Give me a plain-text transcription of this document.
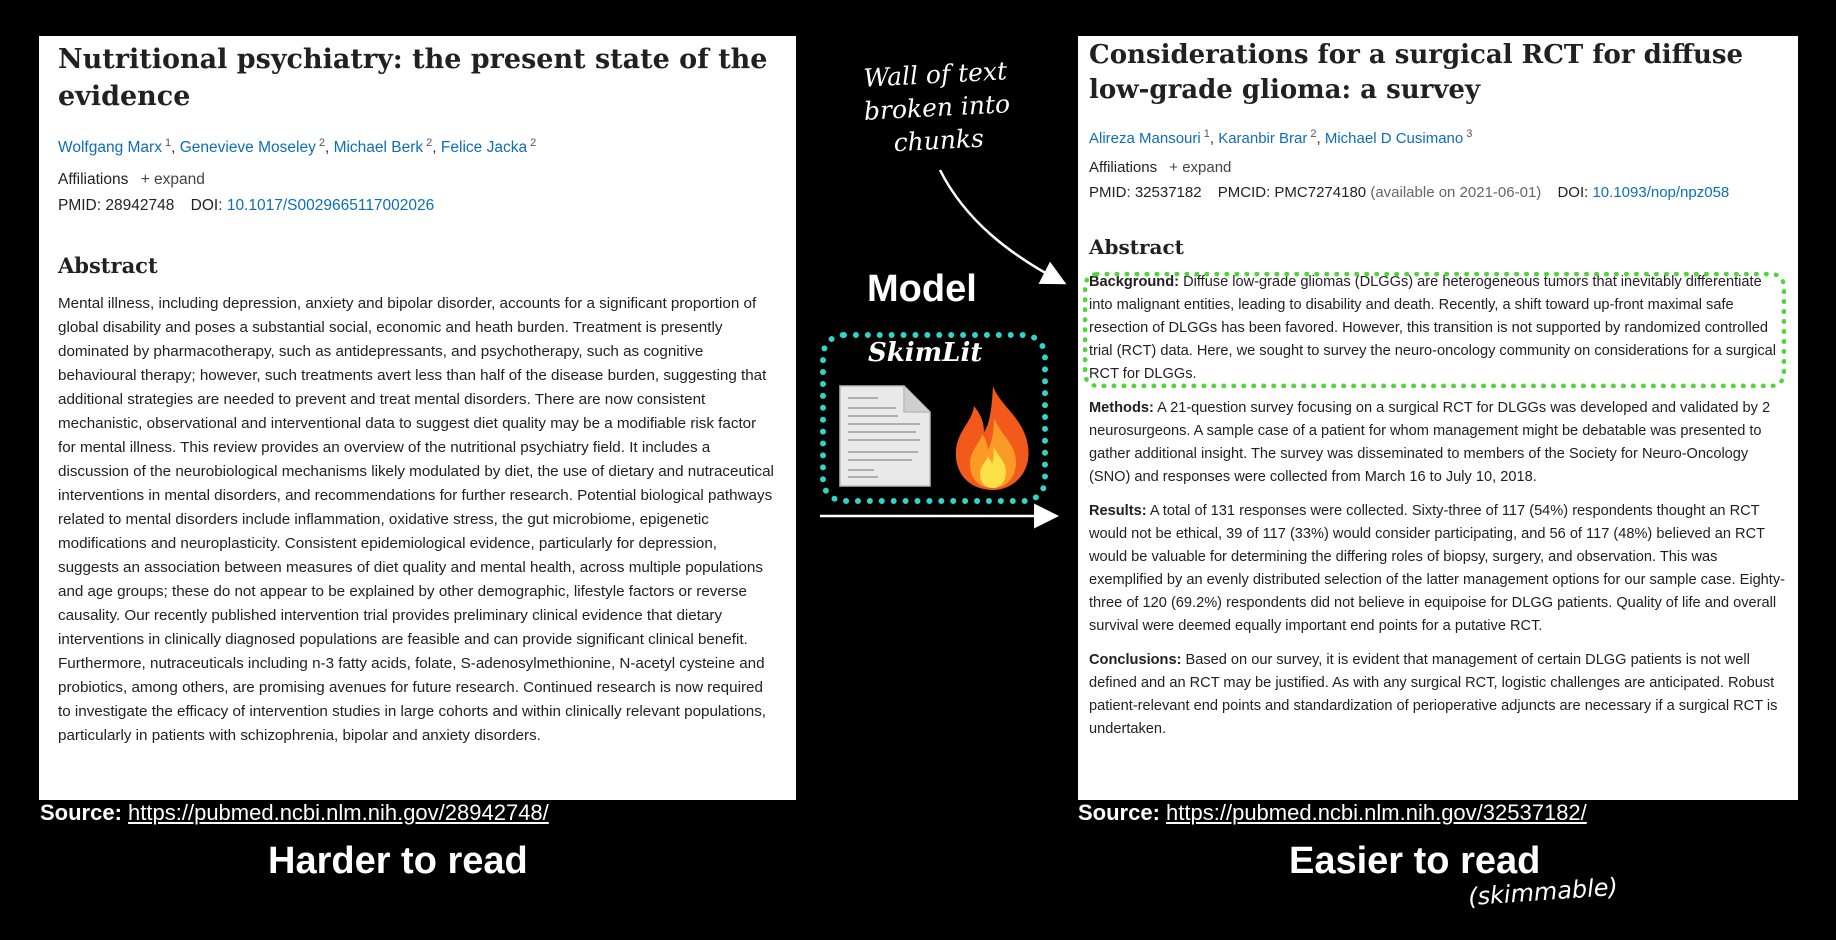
Nutritional psychiatry: the present state of the evidence
Wolfgang Marx $^1$, Genevieve Moseley $^2$, Michael Berk $^2$, Felice Jacka $^2$
Affiliations + expand
PMID: 28942748 DOI: 10.1017/S0029665117002026
Abstract
Mental illness, including depression, anxiety and bipolar disorder, accounts for a significant proportion of global disability and poses a substantial social, economic and heath burden. Treatment is presently dominated by pharmacotherapy, such as antidepressants, and psychotherapy, such as cognitive behavioural therapy; however, such treatments avert less than half of the disease burden, suggesting that additional strategies are needed to prevent and treat mental disorders. There are now consistent mechanistic, observational and interventional data to suggest diet quality may be a modifiable risk factor for mental illness. This review provides an overview of the nutritional psychiatry field. It includes a discussion of the neurobiological mechanisms likely modulated by diet, the use of dietary and nutraceutical interventions in mental disorders, and recommendations for further research. Potential biological pathways related to mental disorders include inflammation, oxidative stress, the gut microbiome, epigenetic modifications and neuroplasticity. Consistent epidemiological evidence, particularly for depression, suggests an association between measures of diet quality and mental health, across multiple populations and age groups; these do not appear to be explained by other demographic, lifestyle factors or reverse causality. Our recently published intervention trial provides preliminary clinical evidence that dietary interventions in clinically diagnosed populations are feasible and can provide significant clinical benefit. Furthermore, nutraceuticals including n-3 fatty acids, folate, S-adenosylmethionine, N-acetyl cysteine and probiotics, among others, are promising avenues for future research. Continued research is now required to investigate the efficacy of intervention studies in large cohorts and within clinically relevant populations, particularly in patients with schizophrenia, bipolar and anxiety disorders.
Considerations for a surgical RCT for diffuse low-grade glioma: a survey
Alireza Mansouri $^1$, Karanbir Brar $^2$, Michael D Cusimano $^3$
Affiliations + expand
PMID: 32537182 PMCID: PMC7274180 (available on 2021-06-01) DOI: 10.1093/nop/npz058
Abstract
Background: Diffuse low-grade gliomas (DLGGs) are heterogeneous tumors that inevitably differentiate into malignant entities, leading to disability and death. Recently, a shift toward up-front maximal safe resection of DLGGs has been favored. However, this transition is not supported by randomized controlled trial (RCT) data. Here, we sought to survey the neuro-oncology community on considerations for a surgical RCT for DLGGs.
Methods: A 21-question survey focusing on a surgical RCT for DLGGs was developed and validated by 2 neurosurgeons. A sample case of a patient for whom management might be debatable was presented to gather additional insight. The survey was disseminated to members of the Society for Neuro-Oncology (SNO) and responses were collected from March 16 to July 10, 2018.
Results: A total of 131 responses were collected. Sixty-three of 117 (54%) respondents thought an RCT would not be ethical, 39 of 117 (33%) would consider participating, and 56 of 117 (48%) believed an RCT would be valuable for determining the differing roles of biopsy, surgery, and observation. This was exemplified by an evenly distributed selection of the latter management options for our sample case. Eighty-three of 120 (69.2%) respondents did not believe in equipoise for DLGG patients. Quality of life and overall survival were deemed equally important end points for a putative RCT.
Conclusions: Based on our survey, it is evident that management of certain DLGG patients is not well defined and an RCT may be justified. As with any surgical RCT, logistic challenges are anticipated. Robust patient-relevant end points and standardization of perioperative adjuncts are necessary if a surgical RCT is undertaken.
Source: https://pubmed.ncbi.nlm.nih.gov/28942748/	Source: https://pubmed.ncbi.nlm.nih.gov/32537182/
Harder to read	Easier to read
(skimmable)
Model
SkimLit
Wall of text broken into chunks
